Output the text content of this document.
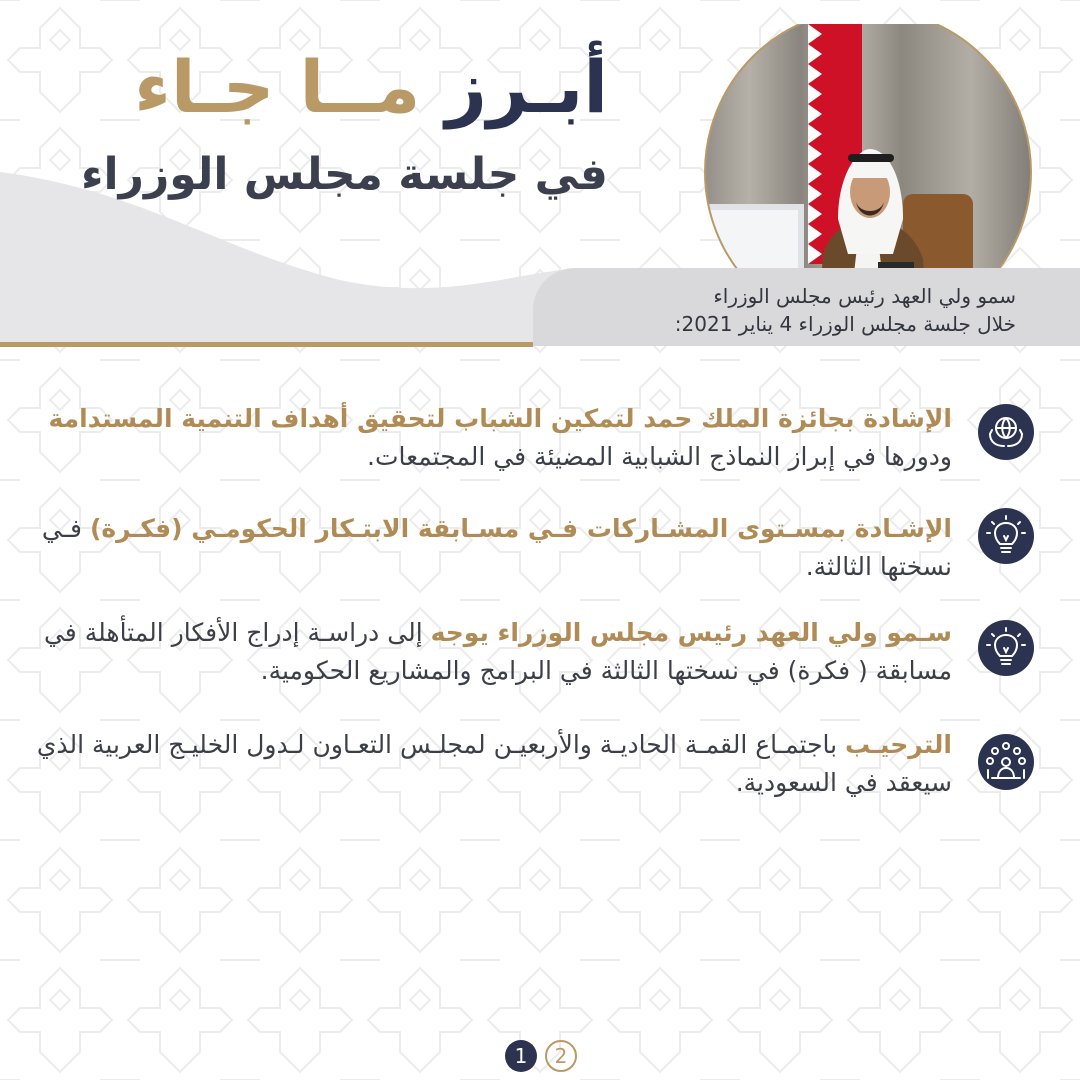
أبـرز مــا جـاء
في جلسة مجلس الوزراء
سمو ولي العهد رئيس مجلس الوزراء
خلال جلسة مجلس الوزراء 4 يناير 2021:
الإشادة بجائزة الملك حمد لتمكين الشباب لتحقيق أهداف التنمية المستدامة ودورها في إبراز النماذج الشبابية المضيئة في المجتمعات.
الإشـادة بمسـتوى المشـاركات فـي مسـابقة الابتـكار الحكومـي (فكـرة) فـي نسختها الثالثة.
سـمو ولي العهد رئيس مجلس الوزراء يوجه إلى دراسـة إدراج الأفكار المتأهلة في مسابقة ( فكرة) في نسختها الثالثة في البرامج والمشاريع الحكومية.
الترحيـب باجتمـاع القمـة الحاديـة والأربعيـن لمجلـس التعـاون لـدول الخليـج العربية الذي سيعقد في السعودية.
1	2
